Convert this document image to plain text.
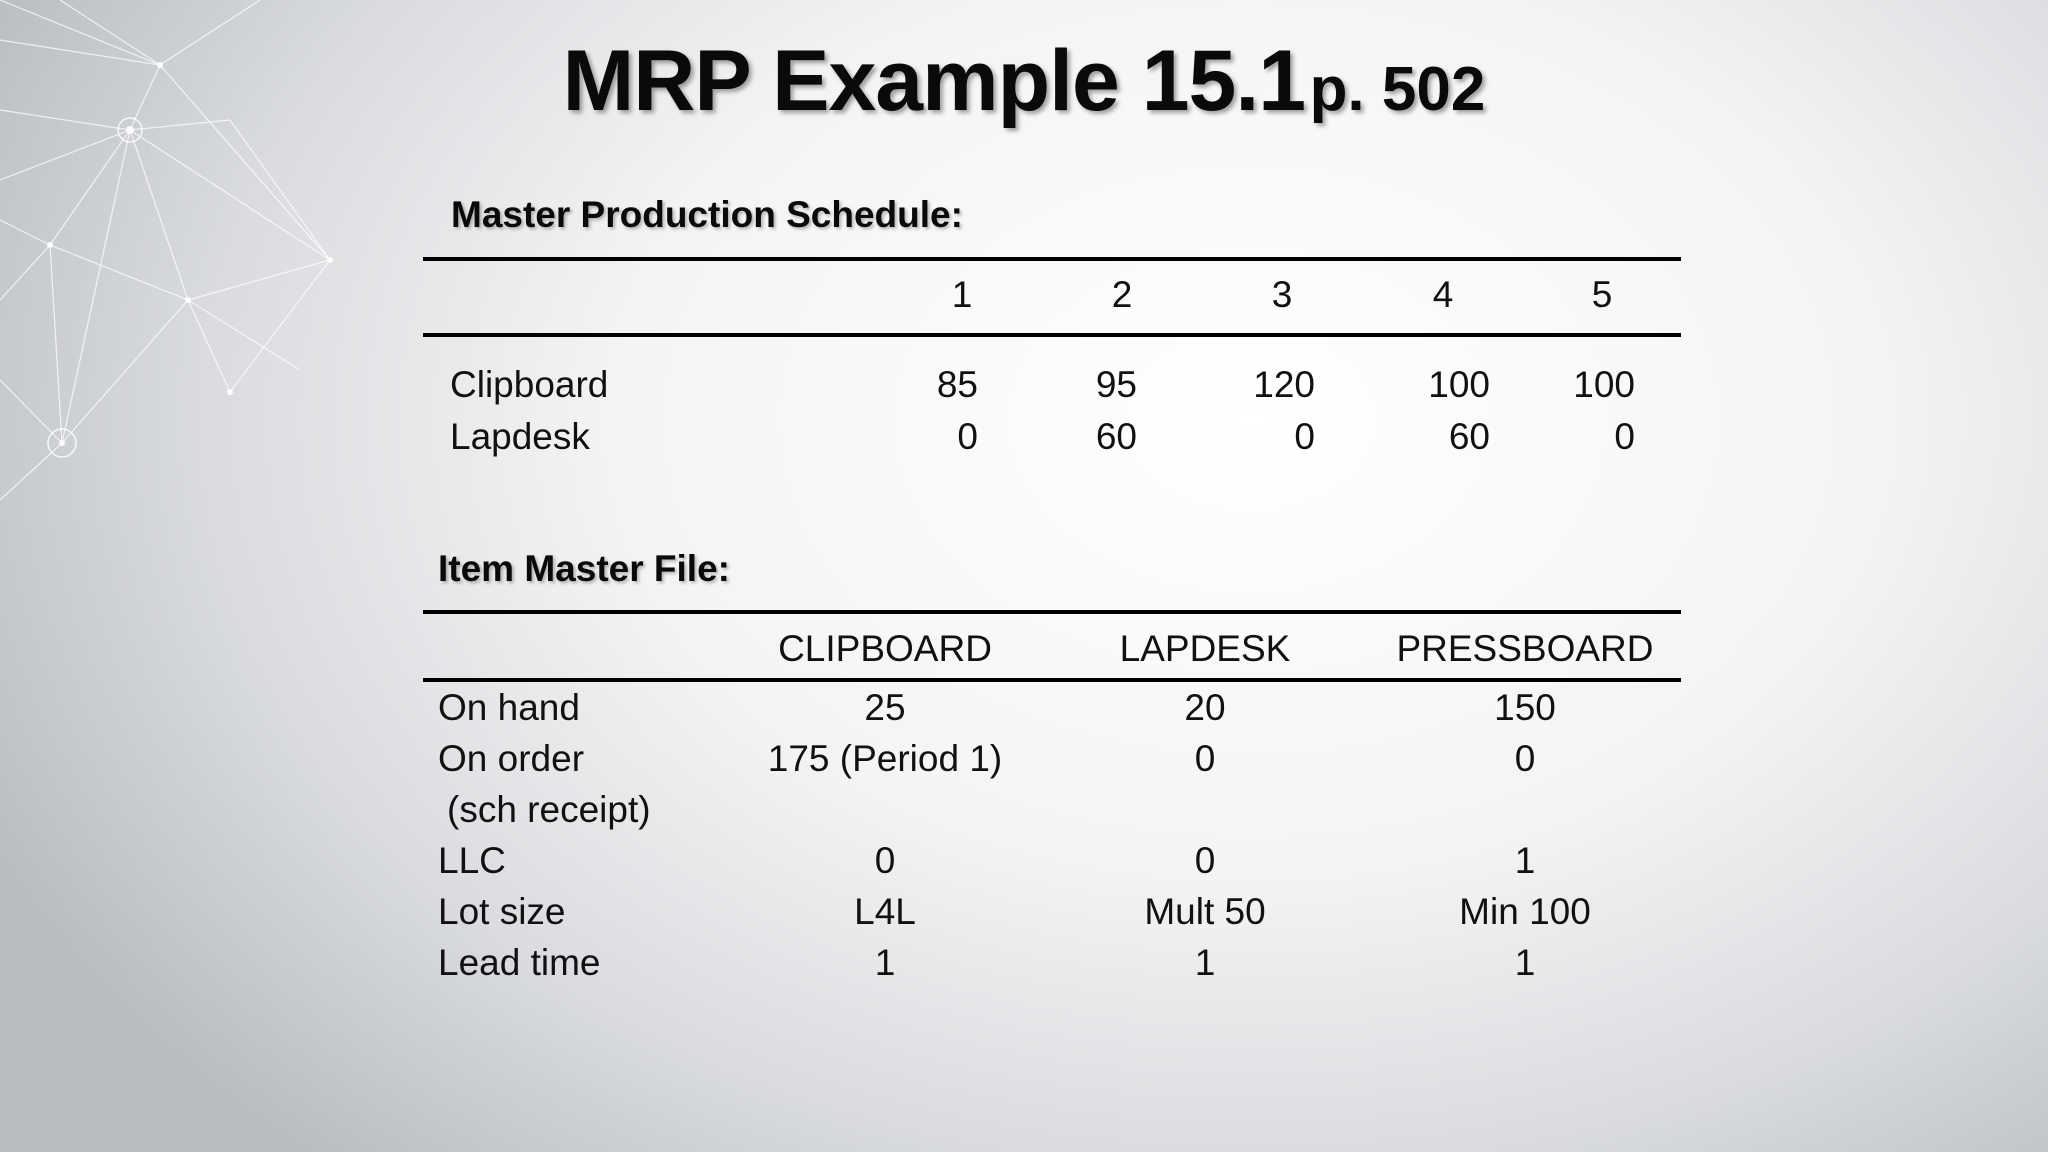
MRP Example 15.1 p. 502
Master Production Schedule:
1	2	3	4	5
Clipboard	85	95	120	100	100
Lapdesk	0	60	0	60	0
Item Master File:
CLIPBOARD	LAPDESK	PRESSBOARD
On hand	25	20	150
On order	175 (Period 1)	0	0
(sch receipt)
LLC	0	0	1
Lot size	L4L	Mult 50	Min 100
Lead time	1	1	1
